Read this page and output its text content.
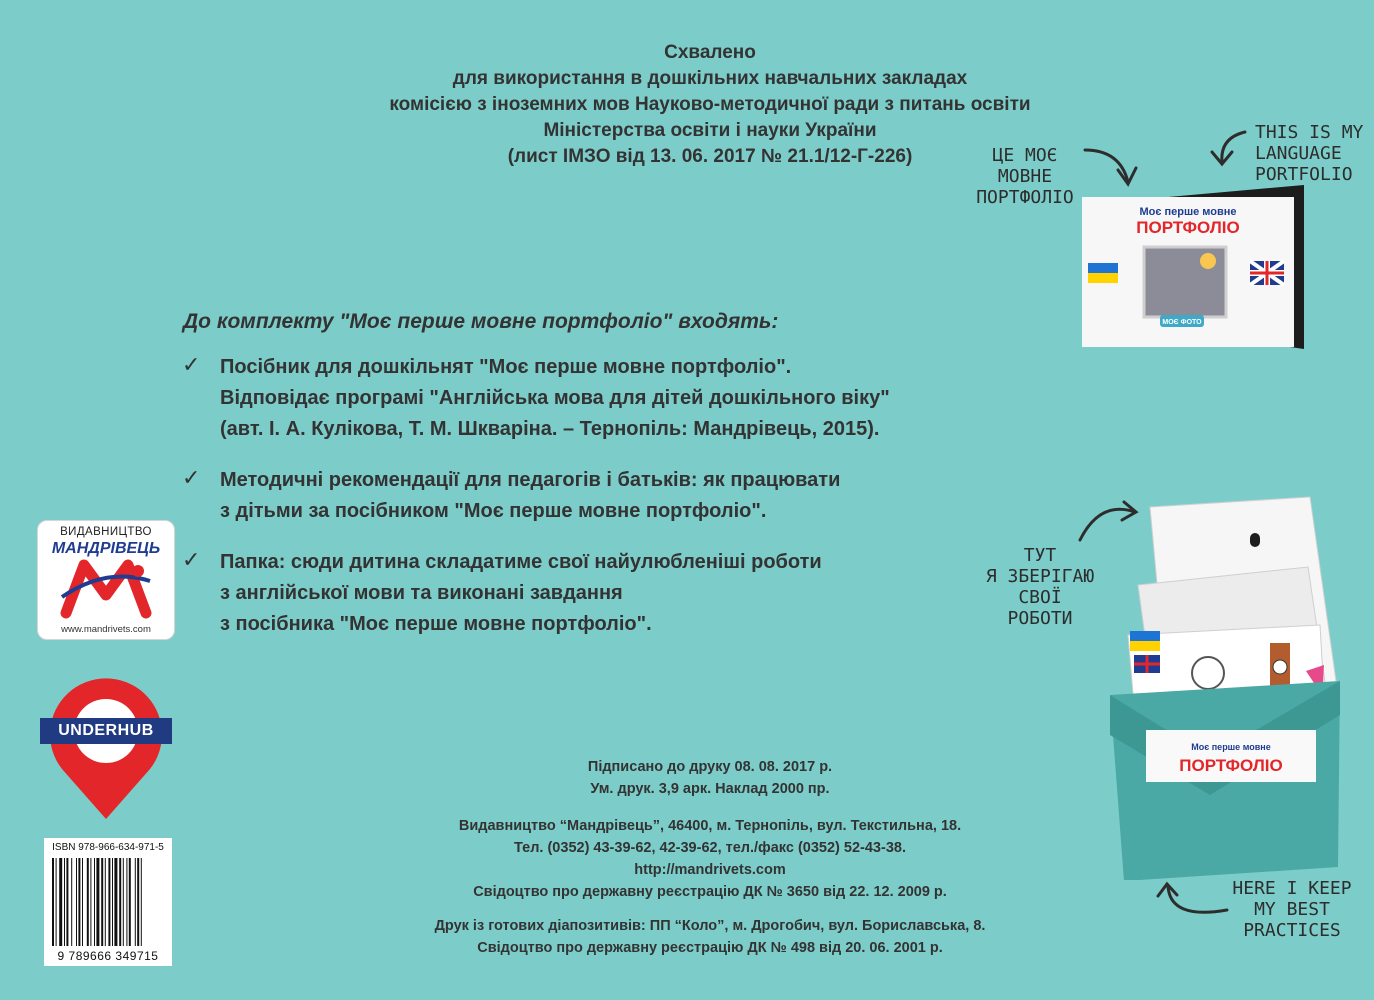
Схвалено
для використання в дошкільних навчальних закладах
комісією з іноземних мов Науково-методичної ради з питань освіти
Міністерства освіти і науки України
(лист ІМЗО від 13. 06. 2017 № 21.1/12-Г-226)
До комплекту "Моє перше мовне портфоліо" входять:
✓ Посібник для дошкільнят "Моє перше мовне портфоліо".
Відповідає програмі "Англійська мова для дітей дошкільного віку"
(авт. І. А. Кулікова, Т. М. Шкваріна. – Тернопіль: Мандрівець, 2015).
✓ Методичні рекомендації для педагогів і батьків: як працювати
з дітьми за посібником "Моє перше мовне портфоліо".
✓ Папка: сюди дитина складатиме свої найулюбленіші роботи
з англійської мови та виконані завдання
з посібника "Моє перше мовне портфоліо".
Підписано до друку 08. 08. 2017 р.
Ум. друк. 3,9 арк. Наклад 2000 пр.
Видавництво “Мандрівець”, 46400, м. Тернопіль, вул. Текстильна, 18.
Тел. (0352) 43-39-62, 42-39-62, тел./факс (0352) 52-43-38.
http://mandrivets.com
Свідоцтво про державну реєстрацію ДК № 3650 від 22. 12. 2009 р.
Друк із готових діапозитивів: ПП “Коло”, м. Дрогобич, вул. Бориславська, 8.
Свідоцтво про державну реєстрацію ДК № 498 від 20. 06. 2001 р.
ВИДАВНИЦТВО
МАНДРІВЕЦЬ
www.mandrivets.com
UNDERHUB
ISBN 978-966-634-971-5
9 789666 349715
THIS IS MY
LANGUAGE
PORTFOLIO
ЦЕ МОЄ
МОВНЕ
ПОРТФОЛІО
ТУТ
Я ЗБЕРІГАЮ
СВОЇ
РОБОТИ
HERE I KEEP
MY BEST
PRACTICES
Моє перше мовне
ПОРТФОЛІО
МОЄ ФОТО
Моє перше мовне
ПОРТФОЛІО
